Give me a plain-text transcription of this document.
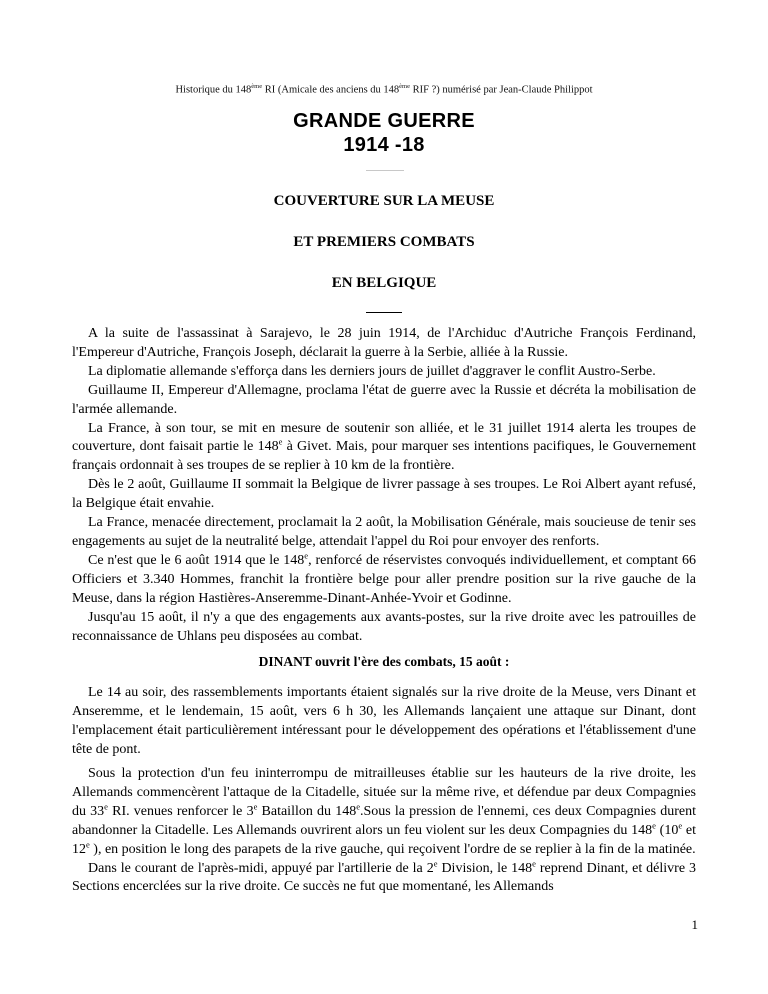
Historique du 148ème RI (Amicale des anciens du 148ème RIF ?) numérisé par Jean-Claude Philippot
GRANDE GUERRE
1914 -18
COUVERTURE SUR LA MEUSE
ET PREMIERS COMBATS
EN BELGIQUE

A la suite de l'assassinat à Sarajevo, le 28 juin 1914, de l'Archiduc d'Autriche François Ferdinand, l'Empereur d'Autriche, François Joseph, déclarait la guerre à la Serbie, alliée à la Russie.

La diplomatie allemande s'efforça dans les derniers jours de juillet d'aggraver le conflit Austro-Serbe.

Guillaume II, Empereur d'Allemagne, proclama l'état de guerre avec la Russie et décréta la mobilisation de l'armée allemande.

La France, à son tour, se mit en mesure de soutenir son alliée, et le 31 juillet 1914 alerta les troupes de couverture, dont faisait partie le 148e à Givet. Mais, pour marquer ses intentions pacifiques, le Gouvernement français ordonnait à ses troupes de se replier à 10 km de la frontière.

Dès le 2 août, Guillaume II sommait la Belgique de livrer passage à ses troupes. Le Roi Albert ayant refusé, la Belgique était envahie.

La France, menacée directement, proclamait la 2 août, la Mobilisation Générale, mais soucieuse de tenir ses engagements au sujet de la neutralité belge, attendait l'appel du Roi pour envoyer des renforts.

Ce n'est que le 6 août 1914 que le 148e, renforcé de réservistes convoqués individuellement, et comptant 66 Officiers et 3.340 Hommes, franchit la frontière belge pour aller prendre position sur la rive gauche de la Meuse, dans la région Hastières-Anseremme-Dinant-Anhée-Yvoir et Godinne.

Jusqu'au 15 août, il n'y a que des engagements aux avants-postes, sur la rive droite avec les patrouilles de reconnaissance de Uhlans peu disposées au combat.

DINANT ouvrit l'ère des combats, 15 août :

Le 14 au soir, des rassemblements importants étaient signalés sur la rive droite de la Meuse, vers Dinant et Anseremme, et le lendemain, 15 août, vers 6 h 30, les Allemands lançaient une attaque sur Dinant, dont l'emplacement était particulièrement intéressant pour le développement des opérations et l'établissement d'une tête de pont.

Sous la protection d'un feu ininterrompu de mitrailleuses établie sur les hauteurs de la rive droite, les Allemands commencèrent l'attaque de la Citadelle, située sur la même rive, et défendue par deux Compagnies du 33e RI. venues renforcer le 3e Bataillon du 148e.Sous la pression de l'ennemi, ces deux Compagnies durent abandonner la Citadelle. Les Allemands ouvrirent alors un feu violent sur les deux Compagnies du 148e (10e et 12e ), en position le long des parapets de la rive gauche, qui reçoivent l'ordre de se replier à la fin de la matinée.

Dans le courant de l'après-midi, appuyé par l'artillerie de la 2e Division, le 148e reprend Dinant, et délivre 3 Sections encerclées sur la rive droite. Ce succès ne fut que momentané, les Allemands

1
